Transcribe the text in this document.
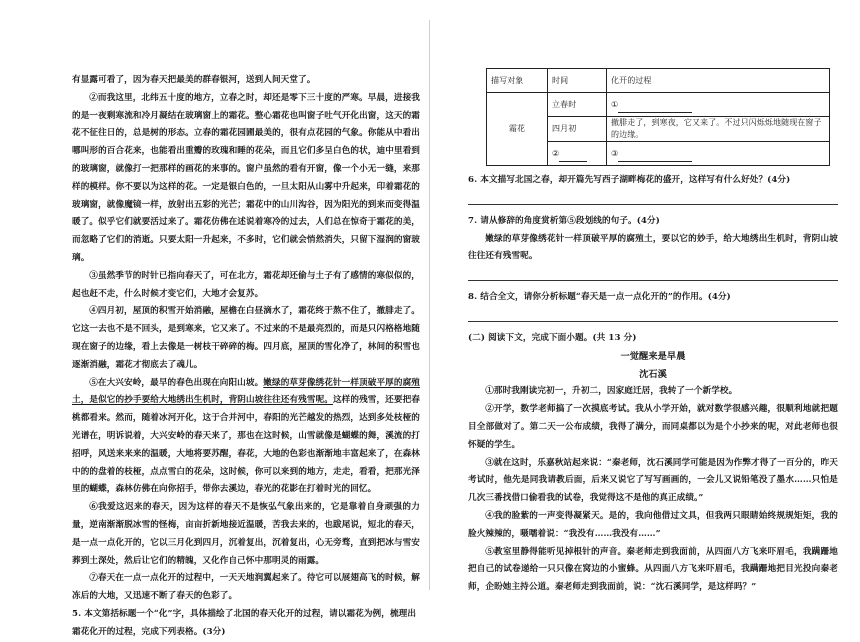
有显露可看了，因为春天把最美的群春银河，送到人间天堂了。

②而我这里，北纬五十度的地方，立春之时，却还是零下三十度的严寒。早晨，进接我的是一夜剩寒流和冷月凝结在玻璃窗上的霜花。整心霜花也叫窗子吐气开化出窗，这天的霜花不征往日的，总是树的形态。立春的霜花园圃最美的，很有点花园的气象。你能从中看出哪叫形的百合花来，也能看出重瓣的玫瑰和睡的花朵，而且它们多呈白色的状，迪中里看到的玻璃窗，就像打一把那样的画花的来事的。窗户虽然的看有开窗，像一个小无一缝，来那样的模样。你不要以为这样的花。一定是银白色的，一旦太阳从山雾中升起来，印着霜花的玻璃窗，就像魔镜一样，放射出五彩的光芒；霜花中的山川沟谷，因为阳光的到来而变得温暖了。似乎它们就要活过来了。霜花仿佛在述说着寒冷的过去，人们总在惊奇于霜花的美，而忽略了它们的消逝。只要太阳一升起来，不多时，它们就会悄然消失，只留下湿润的窗玻璃。

③虽然季节的时针已指向春天了，可在北方，霜花却还偷与土子有了感情的寒似似的，起也赶不走，什么时候才变它们，大地才会复苏。

④四月初，屋顶的积雪开始消融，屋檐在白昼滴水了，霜花终于熬不住了，撤腓走了。它这一去也不是不回头，是到寒来，它又来了。不过来的不是最亮烈的，而是只闪格格地随现在窗子的边缘，看上去像是一树枝干碎碎的梅。四月底，屋顶的雪化净了，林间的积雪也逐渐消融，霜花才彻底去了魂儿。

⑤在大兴安岭，最早的春色出现在向阳山坡。嫩绿的草芽像绣花针一样顶破平厚的腐殖土，是似它的抄手要给大地绣出生机时，背阴山坡往往还有残雪呢。这样的残雪，还要把春桃都看来。然而，随着冰河开化，这于合并河中，春阳的光芒越发的热烈，达到多处枝桠的光谱在，明诉说着，大兴安岭的春天来了，那也在这时候，山雪就像是蝴蝶的舞，溪流的打招呼，风送来来来的温暖，大地将要苏醒，春花，大地的色彩也渐渐地丰富起来了，在森林中的的盘着的枝桠，点点雪白的花朵，这时候，你可以来到的地方，走走，看看，把那光泽里的蝴蝶，森林仿佛在向你招手，带你去溪边，春光的花影在打着时光的回忆。

⑥我爱这迟来的春天，因为这样的春天不是恢弘气象出来的，它是靠着自身顽强的力量，逆南渐渐脱冰雪的怪梅，亩亩折新地接近温暖，苦我去来的，也跋尾说，短北的春天，是一点一点化开的，它以三月化到四月，沉着复出，沉着复出，心无旁骛，直到把冰与雪安葬到土深处，然后让它们的精魄，又化作自己怀中那明灵的雨露。

⑦春天在一点一点化开的过程中，一天天地润翼起来了。待它可以展翅高飞的时候，解冻后的大地，又迅速不断了春天的色彩了。

5. 本文第括标题一个“化”字，具体描绘了北国的春天化开的过程，请以霜花为例，梳理出霜花化开的过程，完成下列表格。(3分)

描写对象	时间	化开的过程
霜花	立春时	①
	四月初	撤腓走了，到寒夜，它又来了。不过只闪烁烁地随现在窗子的边缘。
	②	③

6. 本文描写北国之春，却开篇先写西子湖畔梅花的盛开，这样写有什么好处？(4分)

7. 请从修辞的角度赏析第⑤段划线的句子。(4分)

嫩绿的草芽像绣花针一样顶破平厚的腐殖土，要以它的妙手，给大地绣出生机时，背阴山坡往往还有残雪呢。

8. 结合全文，请你分析标题“春天是一点一点化开的”的作用。(4分)

(二) 阅读下文，完成下面小题。(共 13 分)

一觉醒来是早晨

沈石溪

①那时我刚读完初一，升初二，因家庭迁居，我转了一个新学校。

②开学，数学老师搞了一次摸底考试。我从小学开始，就对数学很感兴趣，很顺利地就把题目全部做对了。第二天一公布成绩，我得了满分，而同桌都以为是个小抄来的呢，对此老师也很怀疑的学生。

③就在这时，乐嘉秋站起来说：“秦老师，沈石溪同学可能是因为作弊才得了一百分的，昨天考试时，他先是同我请教后面，后来又说它了写写画画的，一会儿又说铅笔没了墨水……只怕是几次三番找借口偷看我的试卷，我觉得这不是他的真正成绩。”

④我的脸紫的一声变得凝紧天。是的，我向他借过文具，但我两只眼睛始终规规矩矩，我的脸火辣辣的，嗫嚅着说：“我没有……我没有……”

⑤教室里静得能听见掉根针的声音。秦老师走到我面前，从四面八方飞来吓眉毛，我蹒跚地把自己的试卷递给一只只像在窝边的小蜜蜂。从四面八方飞来吓眉毛，我蹒跚地把目光投向秦老师，企盼她主持公道。秦老师走到我面前，说：“沈石溪同学，是这样吗？”
